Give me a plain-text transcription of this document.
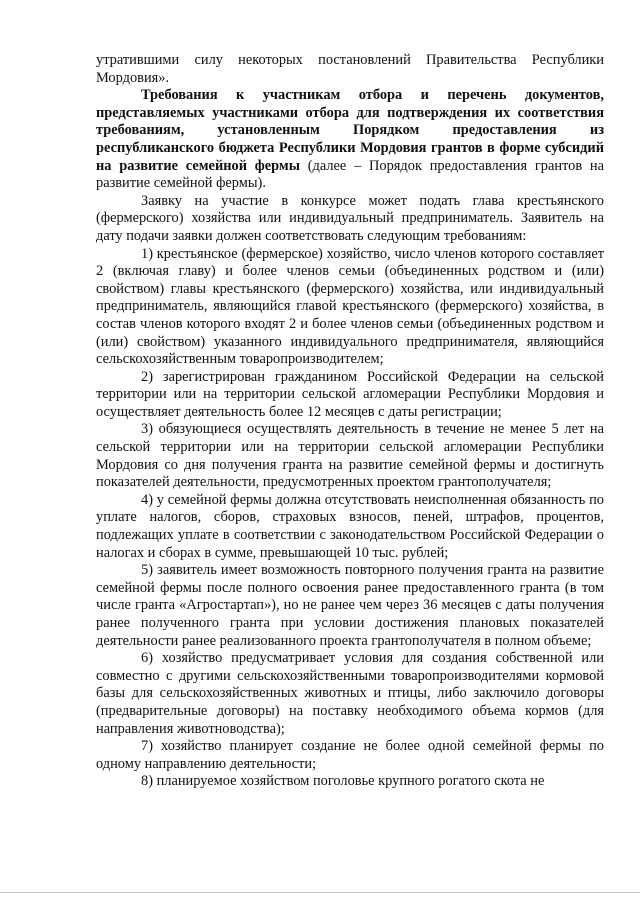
утратившими силу некоторых постановлений Правительства Республики Мордовия».

Требования к участникам отбора и перечень документов, представляемых участниками отбора для подтверждения их соответствия требованиям, установленным Порядком предоставления из республиканского бюджета Республики Мордовия грантов в форме субсидий на развитие семейной фермы (далее – Порядок предоставления грантов на развитие семейной фермы).

Заявку на участие в конкурсе может подать глава крестьянского (фермерского) хозяйства или индивидуальный предприниматель. Заявитель на дату подачи заявки должен соответствовать следующим требованиям:

1) крестьянское (фермерское) хозяйство, число членов которого составляет 2 (включая главу) и более членов семьи (объединенных родством и (или) свойством) главы крестьянского (фермерского) хозяйства, или индивидуальный предприниматель, являющийся главой крестьянского (фермерского) хозяйства, в состав членов которого входят 2 и более членов семьи (объединенных родством и (или) свойством) указанного индивидуального предпринимателя, являющийся сельскохозяйственным товаропроизводителем;

2) зарегистрирован гражданином Российской Федерации на сельской территории или на территории сельской агломерации Республики Мордовия и осуществляет деятельность более 12 месяцев с даты регистрации;

3) обязующиеся осуществлять деятельность в течение не менее 5 лет на сельской территории или на территории сельской агломерации Республики Мордовия со дня получения гранта на развитие семейной фермы и достигнуть показателей деятельности, предусмотренных проектом грантополучателя;

4) у семейной фермы должна отсутствовать неисполненная обязанность по уплате налогов, сборов, страховых взносов, пеней, штрафов, процентов, подлежащих уплате в соответствии с законодательством Российской Федерации о налогах и сборах в сумме, превышающей 10 тыс. рублей;

5) заявитель имеет возможность повторного получения гранта на развитие семейной фермы после полного освоения ранее предоставленного гранта (в том числе гранта «Агростартап»), но не ранее чем через 36 месяцев с даты получения ранее полученного гранта при условии достижения плановых показателей деятельности ранее реализованного проекта грантополучателя в полном объеме;

6) хозяйство предусматривает условия для создания собственной или совместно с другими сельскохозяйственными товаропроизводителями кормовой базы для сельскохозяйственных животных и птицы, либо заключило договоры (предварительные договоры) на поставку необходимого объема кормов (для направления животноводства);

7) хозяйство планирует создание не более одной семейной фермы по одному направлению деятельности;

8) планируемое хозяйством поголовье крупного рогатого скота не
